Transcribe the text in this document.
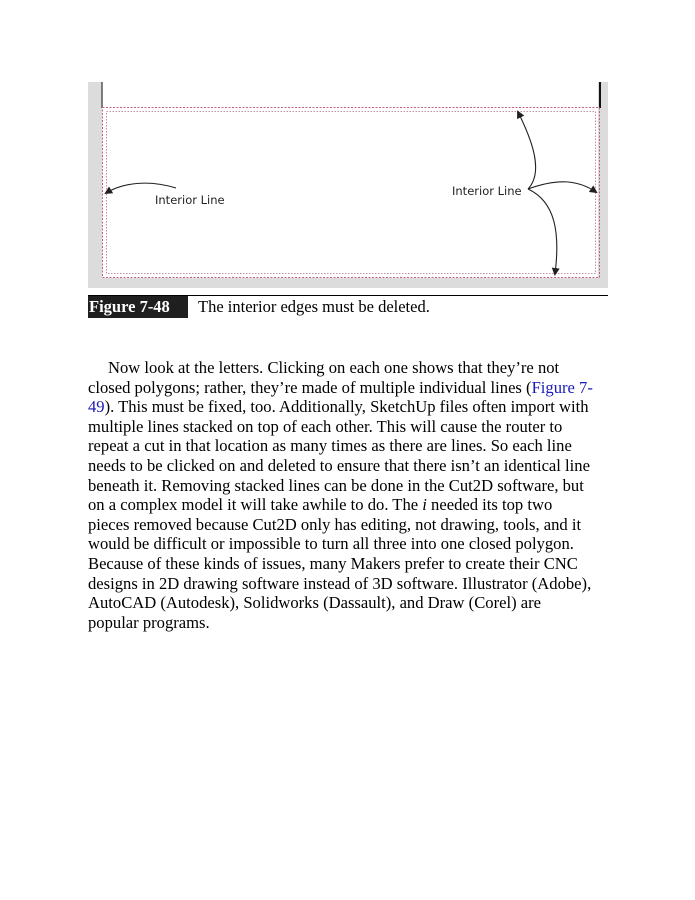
Interior Line
Interior Line
Figure 7-48	The interior edges must be deleted.

Now look at the letters. Clicking on each one shows that they’re not
closed polygons; rather, they’re made of multiple individual lines (Figure 7-
49). This must be fixed, too. Additionally, SketchUp files often import with
multiple lines stacked on top of each other. This will cause the router to
repeat a cut in that location as many times as there are lines. So each line
needs to be clicked on and deleted to ensure that there isn’t an identical line
beneath it. Removing stacked lines can be done in the Cut2D software, but
on a complex model it will take awhile to do. The i needed its top two
pieces removed because Cut2D only has editing, not drawing, tools, and it
would be difficult or impossible to turn all three into one closed polygon.
Because of these kinds of issues, many Makers prefer to create their CNC
designs in 2D drawing software instead of 3D software. Illustrator (Adobe),
AutoCAD (Autodesk), Solidworks (Dassault), and Draw (Corel) are
popular programs.
